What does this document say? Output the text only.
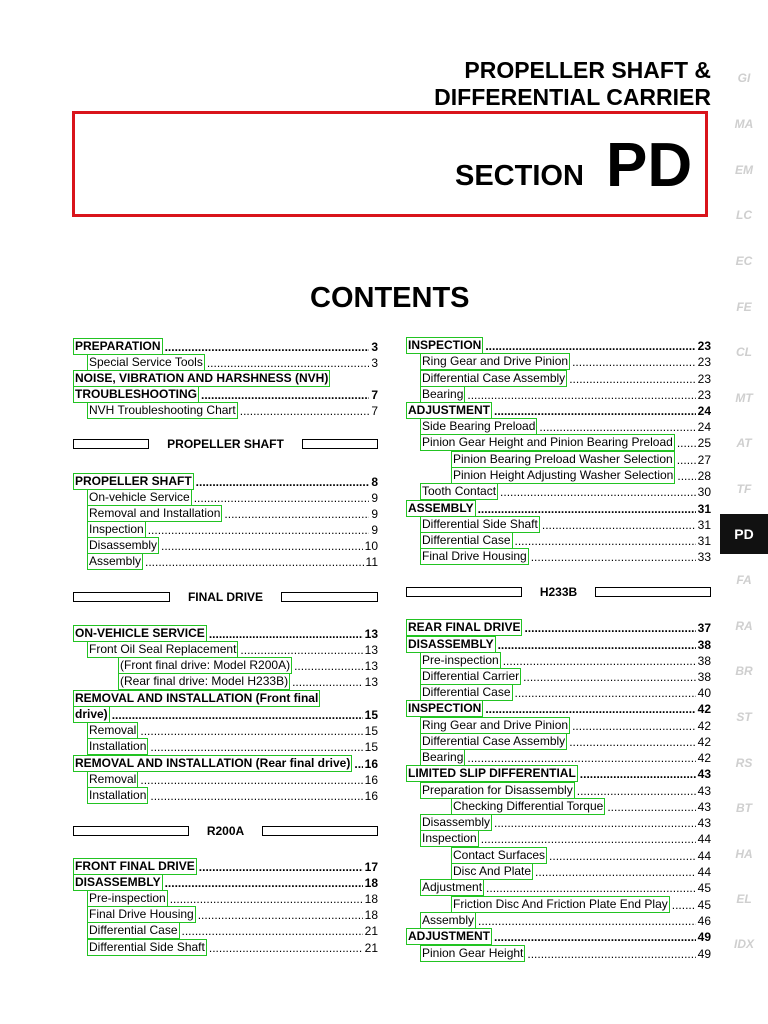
PROPELLER SHAFT &
DIFFERENTIAL CARRIER
SECTION PD
CONTENTS
PREPARATION .....	3
Special Service Tools .....	3
NOISE, VIBRATION AND HARSHNESS (NVH)
TROUBLESHOOTING .....	7
NVH Troubleshooting Chart .....	7
PROPELLER SHAFT
PROPELLER SHAFT .....	8
On-vehicle Service .....	9
Removal and Installation .....	9
Inspection .....	9
Disassembly .....	10
Assembly .....	11
FINAL DRIVE
ON-VEHICLE SERVICE .....	13
Front Oil Seal Replacement .....	13
(Front final drive: Model R200A) .....	13
(Rear final drive: Model H233B) .....	13
REMOVAL AND INSTALLATION (Front final
drive) .....	15
Removal .....	15
Installation .....	15
REMOVAL AND INSTALLATION (Rear final drive) ..... 16
Removal .....	16
Installation .....	16
R200A
FRONT FINAL DRIVE .....	17
DISASSEMBLY .....	18
Pre-inspection .....	18
Final Drive Housing .....	18
Differential Case .....	21
Differential Side Shaft .....	21
INSPECTION .....	23
Ring Gear and Drive Pinion .....	23
Differential Case Assembly .....	23
Bearing .....	23
ADJUSTMENT .....	24
Side Bearing Preload .....	24
Pinion Gear Height and Pinion Bearing Preload ..... 25
Pinion Bearing Preload Washer Selection ..... 27
Pinion Height Adjusting Washer Selection ..... 28
Tooth Contact .....	30
ASSEMBLY .....	31
Differential Side Shaft .....	31
Differential Case .....	31
Final Drive Housing .....	33
H233B
REAR FINAL DRIVE .....	37
DISASSEMBLY .....	38
Pre-inspection .....	38
Differential Carrier .....	38
Differential Case .....	40
INSPECTION .....	42
Ring Gear and Drive Pinion .....	42
Differential Case Assembly .....	42
Bearing .....	42
LIMITED SLIP DIFFERENTIAL .....	43
Preparation for Disassembly .....	43
Checking Differential Torque .....	43
Disassembly .....	43
Inspection .....	44
Contact Surfaces .....	44
Disc And Plate .....	44
Adjustment .....	45
Friction Disc And Friction Plate End Play ..... 45
Assembly .....	46
ADJUSTMENT .....	49
Pinion Gear Height .....	49
GI
MA
EM
LC
EC
FE
CL
MT
AT
TF
PD
FA
RA
BR
ST
RS
BT
HA
EL
IDX
